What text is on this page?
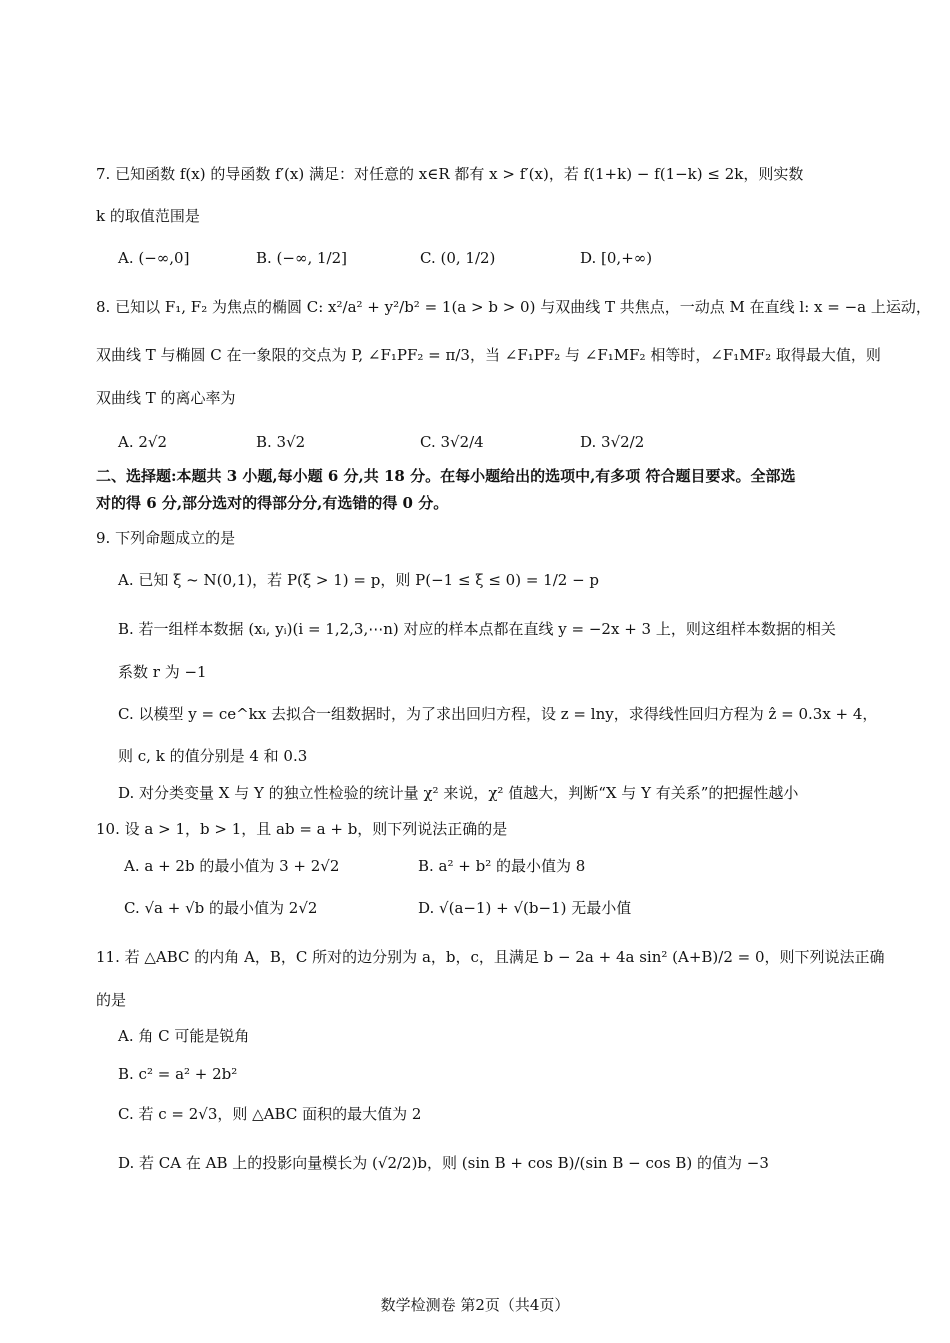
7. 已知函数 f(x) 的导函数 f′(x) 满足：对任意的 x∈R 都有 x > f′(x)，若 f(1+k) − f(1−k) ≤ 2k，则实数
k 的取值范围是
A. (−∞,0]	B. (−∞, 1/2]	C. (0, 1/2)	D. [0,+∞)
8. 已知以 F₁, F₂ 为焦点的椭圆 C: x²/a² + y²/b² = 1(a > b > 0) 与双曲线 T 共焦点，一动点 M 在直线 l: x = −a 上运动，
双曲线 T 与椭圆 C 在一象限的交点为 P, ∠F₁PF₂ = π/3，当 ∠F₁PF₂ 与 ∠F₁MF₂ 相等时，∠F₁MF₂ 取得最大值，则
双曲线 T 的离心率为
A. 2√2	B. 3√2	C. 3√2/4	D. 3√2/2
二、选择题:本题共 3 小题,每小题 6 分,共 18 分。在每小题给出的选项中,有多项 符合题目要求。全部选
对的得 6 分,部分选对的得部分分,有选错的得 0 分。
9. 下列命题成立的是
A. 已知 ξ ~ N(0,1)，若 P(ξ > 1) = p，则 P(−1 ≤ ξ ≤ 0) = 1/2 − p
B. 若一组样本数据 (xᵢ, yᵢ)(i = 1,2,3,⋯n) 对应的样本点都在直线 y = −2x + 3 上，则这组样本数据的相关
系数 r 为 −1
C. 以模型 y = ce^kx 去拟合一组数据时，为了求出回归方程，设 z = lny，求得线性回归方程为 ẑ = 0.3x + 4，
则 c, k 的值分别是 4 和 0.3
D. 对分类变量 X 与 Y 的独立性检验的统计量 χ² 来说，χ² 值越大，判断“X 与 Y 有关系”的把握性越小
10. 设 a > 1，b > 1，且 ab = a + b，则下列说法正确的是
A. a + 2b 的最小值为 3 + 2√2	B. a² + b² 的最小值为 8
C. √a + √b 的最小值为 2√2	D. √(a−1) + √(b−1) 无最小值
11. 若 △ABC 的内角 A，B，C 所对的边分别为 a，b，c，且满足 b − 2a + 4a sin² (A+B)/2 = 0，则下列说法正确
的是
A. 角 C 可能是锐角
B. c² = a² + 2b²
C. 若 c = 2√3，则 △ABC 面积的最大值为 2
D. 若 CA 在 AB 上的投影向量模长为 (√2/2)b，则 (sin B + cos B)/(sin B − cos B) 的值为 −3
数学检测卷 第2页（共4页）
